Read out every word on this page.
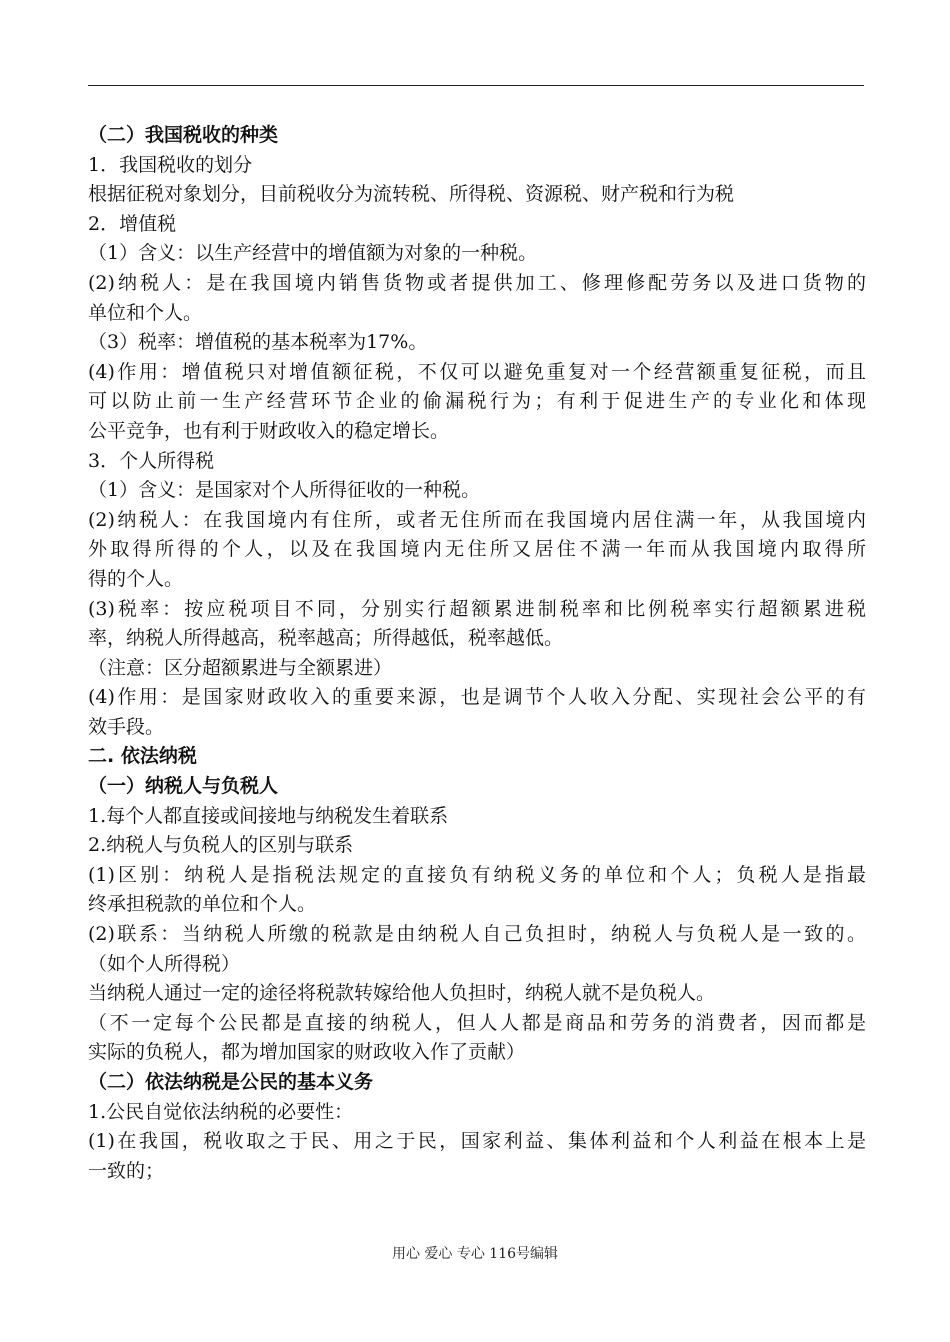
（二）我国税收的种类
1．我国税收的划分
根据征税对象划分，目前税收分为流转税、所得税、资源税、财产税和行为税
2．增值税
（1）含义：以生产经营中的增值额为对象的一种税。
(2)纳税人：是在我国境内销售货物或者提供加工、修理修配劳务以及进口货物的
单位和个人。
（3）税率：增值税的基本税率为17%。
(4)作用：增值税只对增值额征税，不仅可以避免重复对一个经营额重复征税，而且
可以防止前一生产经营环节企业的偷漏税行为；有利于促进生产的专业化和体现
公平竞争，也有利于财政收入的稳定增长。
3．个人所得税
（1）含义：是国家对个人所得征收的一种税。
(2)纳税人：在我国境内有住所，或者无住所而在我国境内居住满一年，从我国境内
外取得所得的个人，以及在我国境内无住所又居住不满一年而从我国境内取得所
得的个人。
(3)税率：按应税项目不同，分别实行超额累进制税率和比例税率实行超额累进税
率，纳税人所得越高，税率越高；所得越低，税率越低。
（注意：区分超额累进与全额累进）
(4)作用：是国家财政收入的重要来源，也是调节个人收入分配、实现社会公平的有
效手段。
二. 依法纳税
（一）纳税人与负税人
1.每个人都直接或间接地与纳税发生着联系
2.纳税人与负税人的区别与联系
(1)区别：纳税人是指税法规定的直接负有纳税义务的单位和个人；负税人是指最
终承担税款的单位和个人。
(2)联系：当纳税人所缴的税款是由纳税人自己负担时，纳税人与负税人是一致的。
（如个人所得税）
当纳税人通过一定的途径将税款转嫁给他人负担时，纳税人就不是负税人。
（不一定每个公民都是直接的纳税人，但人人都是商品和劳务的消费者，因而都是
实际的负税人，都为增加国家的财政收入作了贡献）
（二）依法纳税是公民的基本义务
1.公民自觉依法纳税的必要性：
(1)在我国，税收取之于民、用之于民，国家利益、集体利益和个人利益在根本上是
一致的；
用心 爱心 专心 116号编辑
